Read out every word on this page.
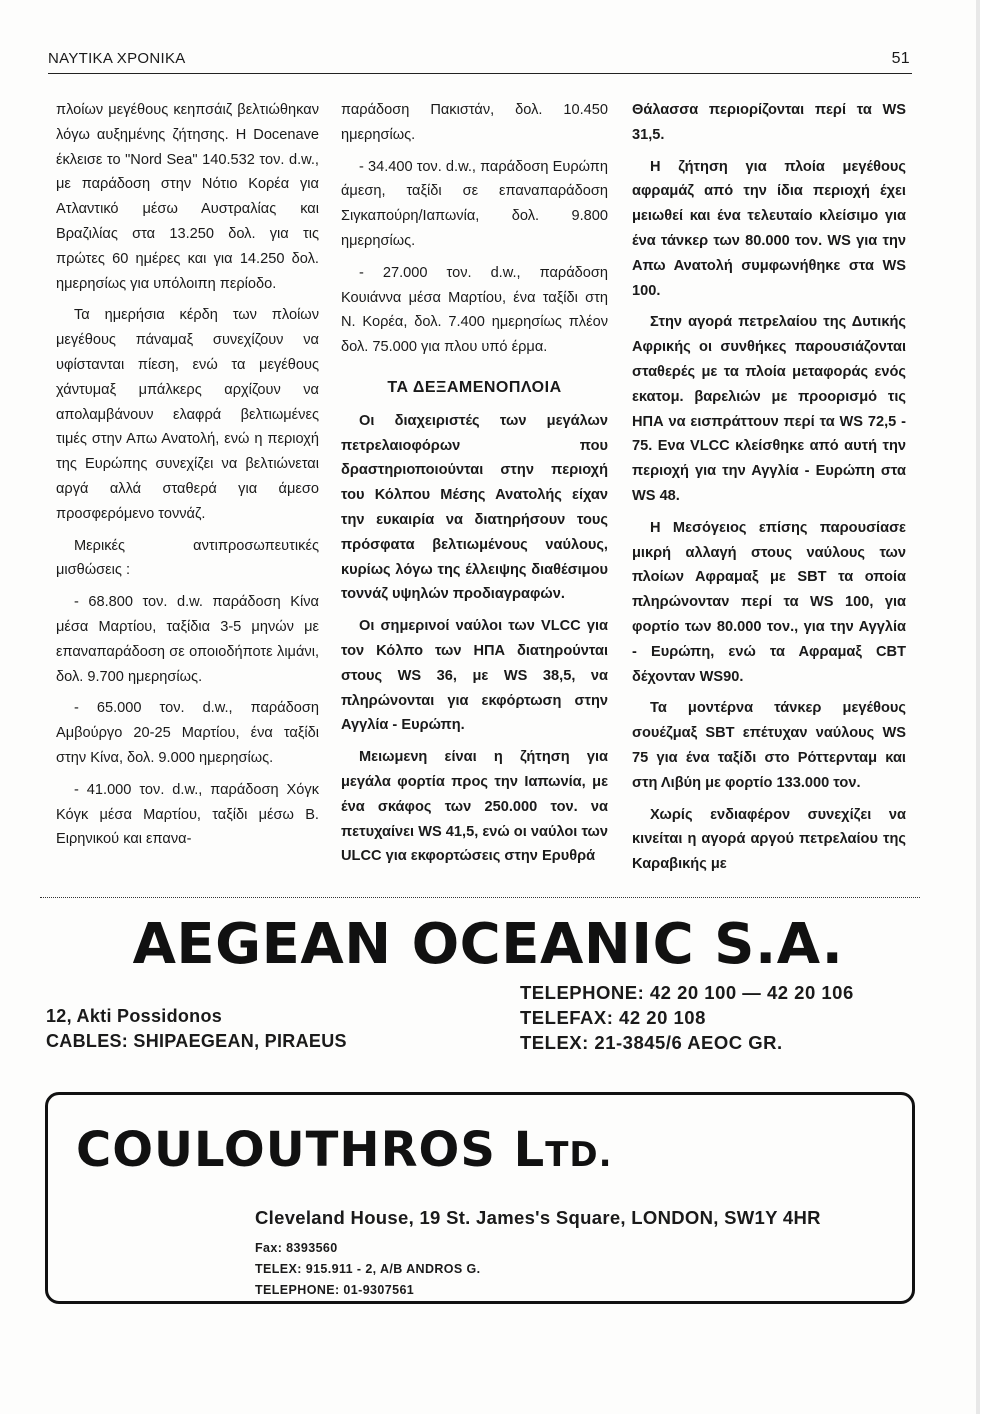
ΝΑΥΤΙΚΑ ΧΡΟΝΙΚΑ	51

πλοίων μεγέθους κεηπσάιζ βελτιώθηκαν λόγω αυξημένης ζήτησης. Η Docenave έκλεισε το "Nord Sea" 140.532 τον. d.w., με παράδοση στην Νότιο Κορέα για Ατλαντικό μέσω Αυστραλίας και Βραζιλίας στα 13.250 δολ. για τις πρώτες 60 ημέρες και για 14.250 δολ. ημερησίως για υπόλοιπη περίοδο.

Τα ημερήσια κέρδη των πλοίων μεγέθους πάναμαξ συνεχίζουν να υφίστανται πίεση, ενώ τα μεγέθους χάντυμαξ μπάλκερς αρχίζουν να απολαμβάνουν ελαφρά βελτιωμένες τιμές στην Απω Ανατολή, ενώ η περιοχή της Ευρώπης συνεχίζει να βελτιώνεται αργά αλλά σταθερά για άμεσο προσφερόμενο τοννάζ.

Μερικές αντιπροσωπευτικές μισθώσεις :

- 68.800 τον. d.w. παράδοση Κίνα μέσα Μαρτίου, ταξίδια 3-5 μηνών με επαναπαράδοση σε οποιοδήποτε λιμάνι, δολ. 9.700 ημερησίως.

- 65.000 τον. d.w., παράδοση Αμβούργο 20-25 Μαρτίου, ένα ταξίδι στην Κίνα, δολ. 9.000 ημερησίως.

- 41.000 τον. d.w., παράδοση Χόγκ Κόγκ μέσα Μαρτίου, ταξίδι μέσω Β. Ειρηνικού και επανα-

παράδοση Πακιστάν, δολ. 10.450 ημερησίως.

- 34.400 τον. d.w., παράδοση Ευρώπη άμεση, ταξίδι σε επαναπαράδοση Σιγκαπούρη/Ιαπωνία, δολ. 9.800 ημερησίως.

- 27.000 τον. d.w., παράδοση Κουιάννα μέσα Μαρτίου, ένα ταξίδι στη Ν. Κορέα, δολ. 7.400 ημερησίως πλέον δολ. 75.000 για πλου υπό έρμα.

ΤΑ ΔΕΞΑΜΕΝΟΠΛΟΙΑ

Οι διαχειριστές των μεγάλων πετρελαιοφόρων που δραστηριοποιούνται στην περιοχή του Κόλπου Μέσης Ανατολής είχαν την ευκαιρία να διατηρήσουν τους πρόσφατα βελτιωμένους ναύλους, κυρίως λόγω της έλλειψης διαθέσιμου τοννάζ υψηλών προδιαγραφών.

Οι σημερινοί ναύλοι των VLCC για τον Κόλπο των ΗΠΑ διατηρούνται στους WS 36, με WS 38,5, να πληρώνονται για εκφόρτωση στην Αγγλία - Ευρώπη.

Μειωμενη είναι η ζήτηση για μεγάλα φορτία προς την Ιαπωνία, με ένα σκάφος των 250.000 τον. να πετυχαίνει WS 41,5, ενώ οι ναύλοι των ULCC για εκφορτώσεις στην Ερυθρά

Θάλασσα περιορίζονται περί τα WS 31,5.

Η ζήτηση για πλοία μεγέθους αφραμάζ από την ίδια περιοχή έχει μειωθεί και ένα τελευταίο κλείσιμο για ένα τάνκερ των 80.000 τον. WS για την Απω Ανατολή συμφωνήθηκε στα WS 100.

Στην αγορά πετρελαίου της Δυτικής Αφρικής οι συνθήκες παρουσιάζονται σταθερές με τα πλοία μεταφοράς ενός εκατομ. βαρελιών με προορισμό τις ΗΠΑ να εισπράττουν περί τα WS 72,5 - 75. Ενα VLCC κλείσθηκε από αυτή την περιοχή για την Αγγλία - Ευρώπη στα WS 48.

Η Μεσόγειος επίσης παρουσίασε μικρή αλλαγή στους ναύλους των πλοίων Αφραμαξ με SBT τα οποία πληρώνονταν περί τα WS 100, για φορτίο των 80.000 τον., για την Αγγλία - Ευρώπη, ενώ τα Αφραμαξ CBT δέχονταν WS90.

Τα μοντέρνα τάνκερ μεγέθους σουέζμαξ SBT επέτυχαν ναύλους WS 75 για ένα ταξίδι στο Ρόττερνταμ και στη Λιβύη με φορτίο 133.000 τον.

Χωρίς ενδιαφέρον συνεχίζει να κινείται η αγορά αργού πετρελαίου της Καραβικής με

AEGEAN OCEANIC S.A.
TELEPHONE: 42 20 100 — 42 20 106
TELEFAX: 42 20 108
TELEX: 21-3845/6 AEOC GR.
12, Akti Possidonos
CABLES: SHIPAEGEAN, PIRAEUS
COULOUTHROS LTD.
Cleveland House, 19 St. James's Square, LONDON, SW1Y 4HR
Fax: 8393560
TELEX: 915.911 - 2, A/B ANDROS G.
TELEPHONE: 01-9307561
